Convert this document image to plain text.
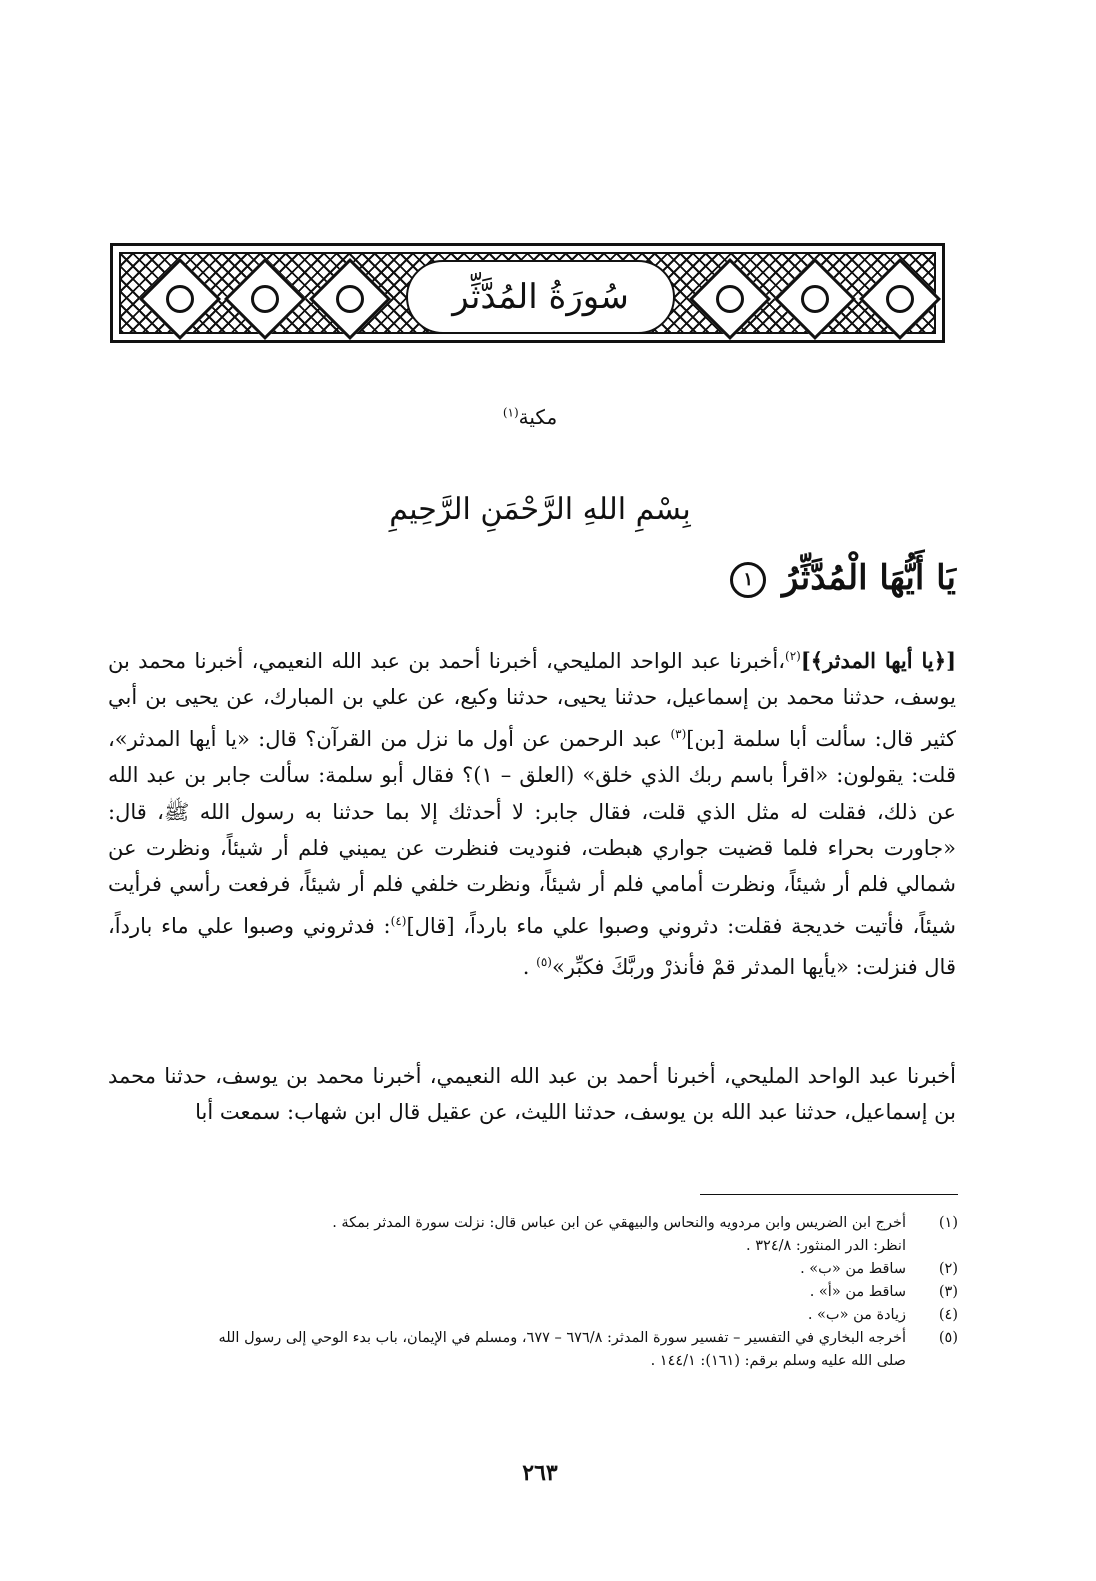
سُورَةُ المُدَّثِّر
مكية$^{(١)}$
بِسْمِ اللهِ الرَّحْمَنِ الرَّحِيمِ
يَا أَيُّهَا الْمُدَّثِّرُ ١
[﴿يا أيها المدثر﴾]$^{(٢)}$،أخبرنا عبد الواحد المليحي، أخبرنا أحمد بن عبد الله النعيمي، أخبرنا محمد بن يوسف، حدثنا محمد بن إسماعيل، حدثنا يحيى، حدثنا وكيع، عن علي بن المبارك، عن يحيى بن أبي كثير قال: سألت أبا سلمة [بن]$^{(٣)}$ عبد الرحمن عن أول ما نزل من القرآن؟ قال: «يا أيها المدثر»، قلت: يقولون: «اقرأ باسم ربك الذي خلق» (العلق – ١)؟ فقال أبو سلمة: سألت جابر بن عبد الله عن ذلك، فقلت له مثل الذي قلت، فقال جابر: لا أحدثك إلا بما حدثنا به رسول الله ﷺ، قال: «جاورت بحراء فلما قضيت جواري هبطت، فنوديت فنظرت عن يميني فلم أر شيئاً، ونظرت عن شمالي فلم أر شيئاً، ونظرت أمامي فلم أر شيئاً، ونظرت خلفي فلم أر شيئاً، فرفعت رأسي فرأيت شيئاً، فأتيت خديجة فقلت: دثروني وصبوا علي ماء بارداً، [قال]$^{(٤)}$: فدثروني وصبوا علي ماء بارداً، قال فنزلت: «يأيها المدثر قمْ فأنذرْ وربَّكَ فكبِّر»$^{(٥)}$ .
أخبرنا عبد الواحد المليحي، أخبرنا أحمد بن عبد الله النعيمي، أخبرنا محمد بن يوسف، حدثنا محمد بن إسماعيل، حدثنا عبد الله بن يوسف، حدثنا الليث، عن عقيل قال ابن شهاب: سمعت أبا
(١)
أخرج ابن الضريس وابن مردويه والنحاس والبيهقي عن ابن عباس قال: نزلت سورة المدثر بمكة .
انظر: الدر المنثور: ٣٢٤/٨ .
(٢)
ساقط من «ب» .
(٣)
ساقط من «أ» .
(٤)
زيادة من «ب» .
(٥)
أخرجه البخاري في التفسير – تفسير سورة المدثر: ٦٧٦/٨ – ٦٧٧، ومسلم في الإيمان، باب بدء الوحي إلى رسول الله
صلى الله عليه وسلم برقم: (١٦١): ١٤٤/١ .
٢٦٣
